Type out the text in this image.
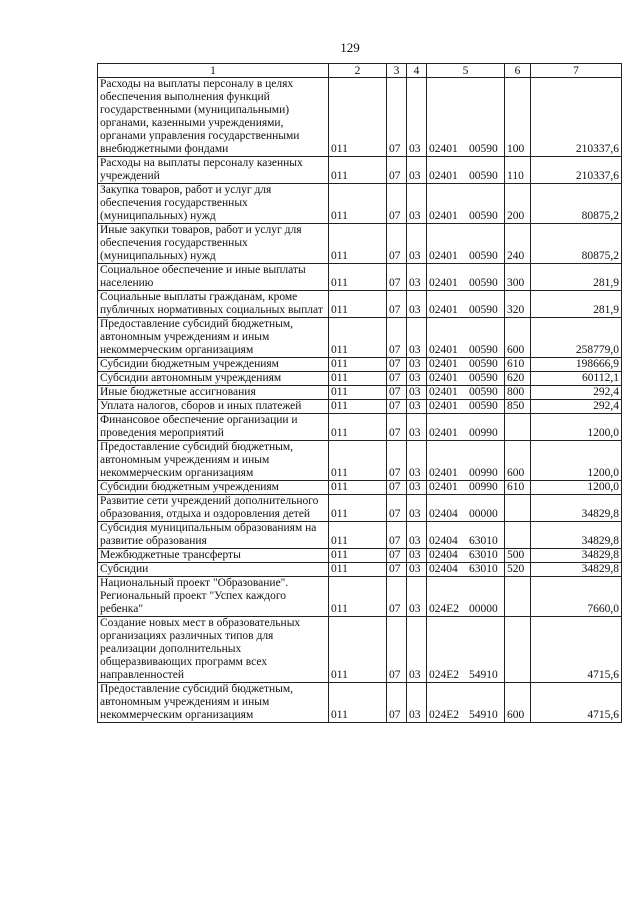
129
1	2	3	4	5	6	7
Расходы на выплаты персоналу в целях обеспечения выполнения функций государственными (муниципальными) органами, казенными учреждениями, органами управления государственными внебюджетными фондами	011	07	03	02401 00590	100	210337,6
Расходы на выплаты персоналу казенных учреждений	011	07	03	02401 00590	110	210337,6
Закупка товаров, работ и услуг для обеспечения государственных (муниципальных) нужд	011	07	03	02401 00590	200	80875,2
Иные закупки товаров, работ и услуг для обеспечения государственных (муниципальных) нужд	011	07	03	02401 00590	240	80875,2
Социальное обеспечение и иные выплаты населению	011	07	03	02401 00590	300	281,9
Социальные выплаты гражданам, кроме публичных нормативных социальных выплат	011	07	03	02401 00590	320	281,9
Предоставление субсидий бюджетным, автономным учреждениям и иным некоммерческим организациям	011	07	03	02401 00590	600	258779,0
Субсидии бюджетным учреждениям	011	07	03	02401 00590	610	198666,9
Субсидии автономным учреждениям	011	07	03	02401 00590	620	60112,1
Иные бюджетные ассигнования	011	07	03	02401 00590	800	292,4
Уплата налогов, сборов и иных платежей	011	07	03	02401 00590	850	292,4
Финансовое обеспечение организации и проведения мероприятий	011	07	03	02401 00990		1200,0
Предоставление субсидий бюджетным, автономным учреждениям и иным некоммерческим организациям	011	07	03	02401 00990	600	1200,0
Субсидии бюджетным учреждениям	011	07	03	02401 00990	610	1200,0
Развитие сети учреждений дополнительного образования, отдыха и оздоровления детей	011	07	03	02404 00000		34829,8
Субсидия муниципальным образованиям на развитие образования	011	07	03	02404 63010		34829,8
Межбюджетные трансферты	011	07	03	02404 63010	500	34829,8
Субсидии	011	07	03	02404 63010	520	34829,8
Национальный проект "Образование". Региональный проект "Успех каждого ребенка"	011	07	03	024E2 00000		7660,0
Создание новых мест в образовательных организациях различных типов для реализации дополнительных общеразвивающих программ всех направленностей	011	07	03	024E2 54910		4715,6
Предоставление субсидий бюджетным, автономным учреждениям и иным некоммерческим организациям	011	07	03	024E2 54910	600	4715,6
